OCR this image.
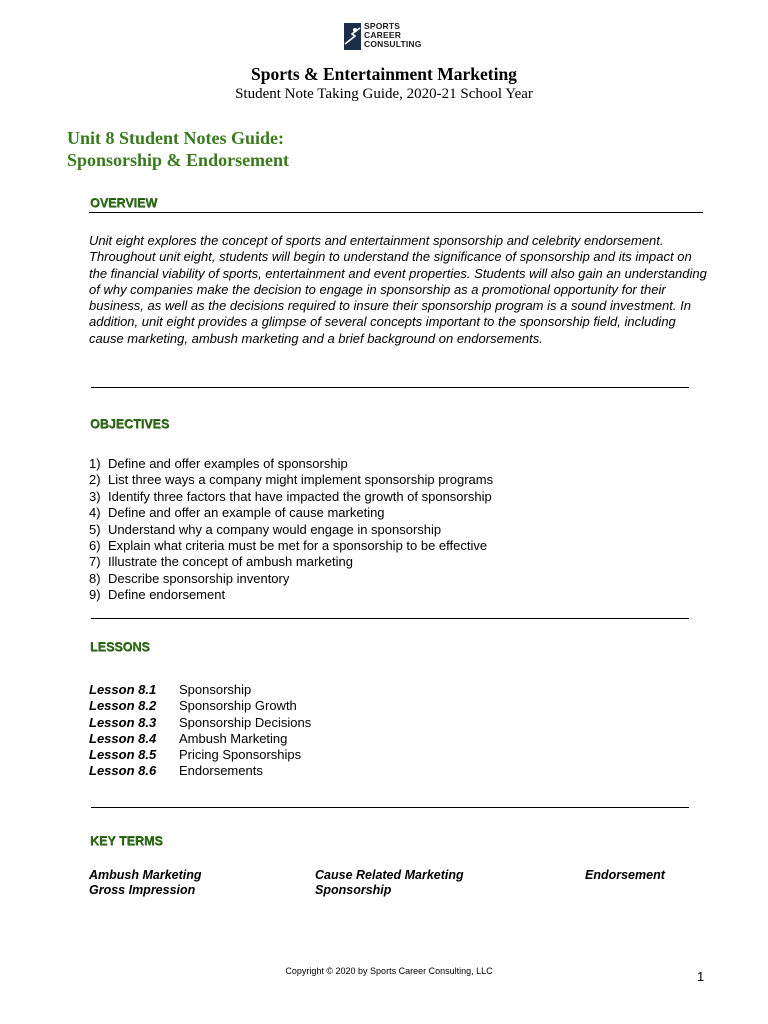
SPORTS
CAREER
CONSULTING
Sports & Entertainment Marketing
Student Note Taking Guide, 2020-21 School Year
Unit 8 Student Notes Guide:
Sponsorship & Endorsement
OVERVIEW
Unit eight explores the concept of sports and entertainment sponsorship and celebrity endorsement. Throughout unit eight, students will begin to understand the significance of sponsorship and its impact on the financial viability of sports, entertainment and event properties. Students will also gain an understanding of why companies make the decision to engage in sponsorship as a promotional opportunity for their business, as well as the decisions required to insure their sponsorship program is a sound investment. In addition, unit eight provides a glimpse of several concepts important to the sponsorship field, including cause marketing, ambush marketing and a brief background on endorsements.
OBJECTIVES
1) Define and offer examples of sponsorship
2) List three ways a company might implement sponsorship programs
3) Identify three factors that have impacted the growth of sponsorship
4) Define and offer an example of cause marketing
5) Understand why a company would engage in sponsorship
6) Explain what criteria must be met for a sponsorship to be effective
7) Illustrate the concept of ambush marketing
8) Describe sponsorship inventory
9) Define endorsement
LESSONS
Lesson 8.1 Sponsorship
Lesson 8.2 Sponsorship Growth
Lesson 8.3 Sponsorship Decisions
Lesson 8.4 Ambush Marketing
Lesson 8.5 Pricing Sponsorships
Lesson 8.6 Endorsements
KEY TERMS
Ambush Marketing	Cause Related Marketing	Endorsement
Gross Impression	Sponsorship
Copyright © 2020 by Sports Career Consulting, LLC	1
